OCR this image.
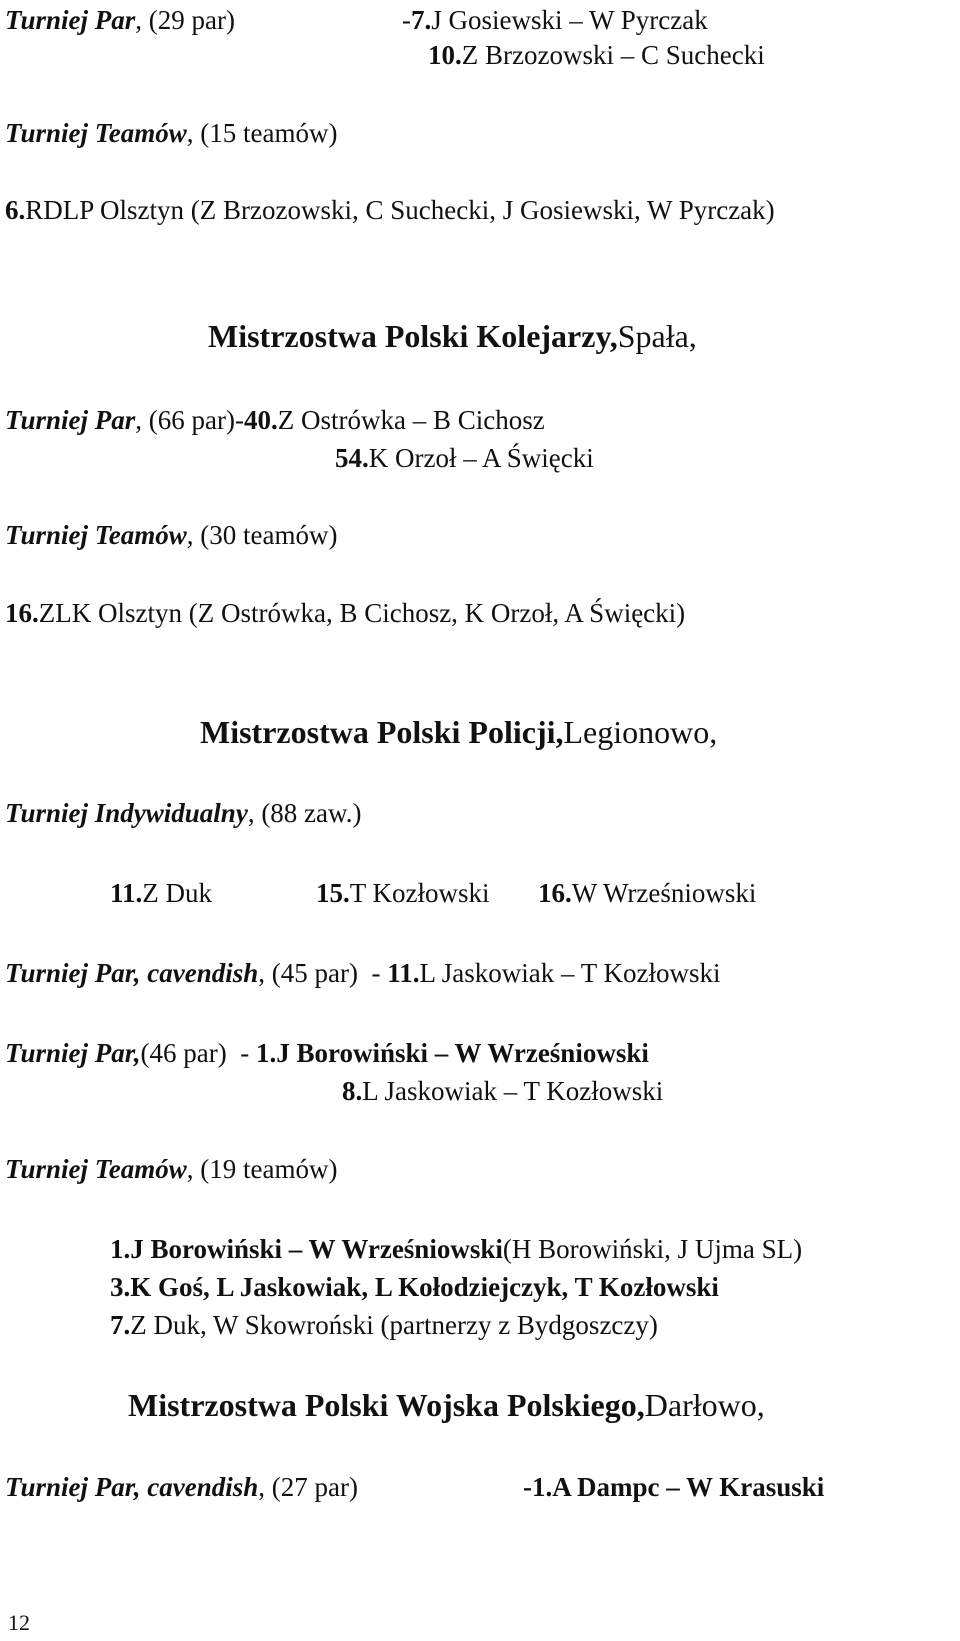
Turniej Par, (29 par)	-7.J Gosiewski – W Pyrczak
10.Z Brzozowski – C Suchecki
Turniej Teamów, (15 teamów)
6.RDLP Olsztyn (Z Brzozowski, C Suchecki, J Gosiewski, W Pyrczak)
Mistrzostwa Polski Kolejarzy,Spała,
Turniej Par, (66 par)-40.Z Ostrówka – B Cichosz
54.K Orzoł – A Święcki
Turniej Teamów, (30 teamów)
16.ZLK Olsztyn (Z Ostrówka, B Cichosz, K Orzoł, A Święcki)
Mistrzostwa Polski Policji,Legionowo,
Turniej Indywidualny, (88 zaw.)
11.Z Duk	15.T Kozłowski 16.W Wrześniowski
Turniej Par, cavendish, (45 par)  - 11.L Jaskowiak – T Kozłowski
Turniej Par,(46 par)  - 1.J Borowiński – W Wrześniowski
8.L Jaskowiak – T Kozłowski
Turniej Teamów, (19 teamów)
1.J Borowiński – W Wrześniowski(H Borowiński, J Ujma SL)
3.K Goś, L Jaskowiak, L Kołodziejczyk, T Kozłowski
7.Z Duk, W Skowroński (partnerzy z Bydgoszczy)
Mistrzostwa Polski Wojska Polskiego,Darłowo,
Turniej Par, cavendish, (27 par)	-1.A Dampc – W Krasuski
12
